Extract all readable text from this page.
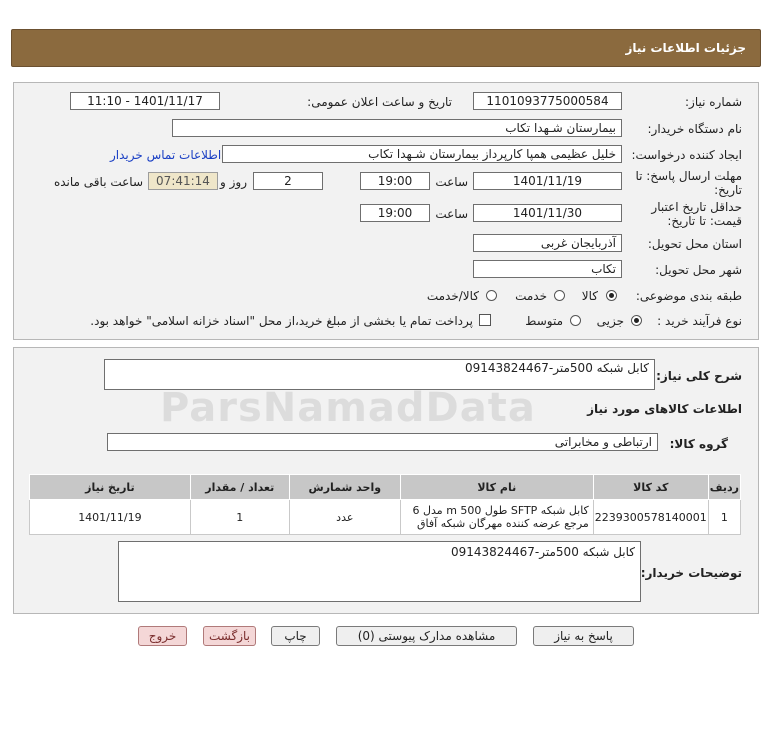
جزئیات اطلاعات نیاز
شماره نیاز:
1101093775000584
تاریخ و ساعت اعلان عمومی:
1401/11/17 - 11:10
نام دستگاه خریدار:
بیمارستان شـهدا تکاب
ایجاد کننده درخواست:
خلیل عظیمی همپا کارپرداز بیمارستان شـهدا تکاب
اطلاعات تماس خریدار
مهلت ارسال پاسخ: تا تاریخ:
1401/11/19
ساعت
19:00
2
روز و
07:41:14
ساعت باقی مانده
حداقل تاریخ اعتبار قیمت: تا تاریخ:
1401/11/30
ساعت
19:00
استان محل تحویل:
آذربایجان غربی
شهر محل تحویل:
تکاب
طبقه بندی موضوعی:
کالا
خدمت
کالا/خدمت
نوع فرآیند خرید :
جزیی
متوسط
پرداخت تمام یا بخشی از مبلغ خرید،از محل "اسناد خزانه اسلامی" خواهد بود.
شرح کلی نیاز:
کابل شبکه 500متر-09143824467
ParsNamadData	اطلاعات کالاهای مورد نیاز
گروه کالا:
ارتباطی و مخابراتی
ردیف	کد کالا	نام کالا	واحد شمارش	تعداد / مقدار	تاریخ نیاز
1	2239300578140001	کابل شبکه SFTP طول 500 m مدل 6 مرجع عرضه کننده مهرگان شبکه آفاق	عدد	1	1401/11/19
توضیحات خریدار:
کابل شبکه 500متر-09143824467
پاسخ به نیاز
مشاهده مدارک پیوستی (0)
چاپ
بازگشت
خروج
